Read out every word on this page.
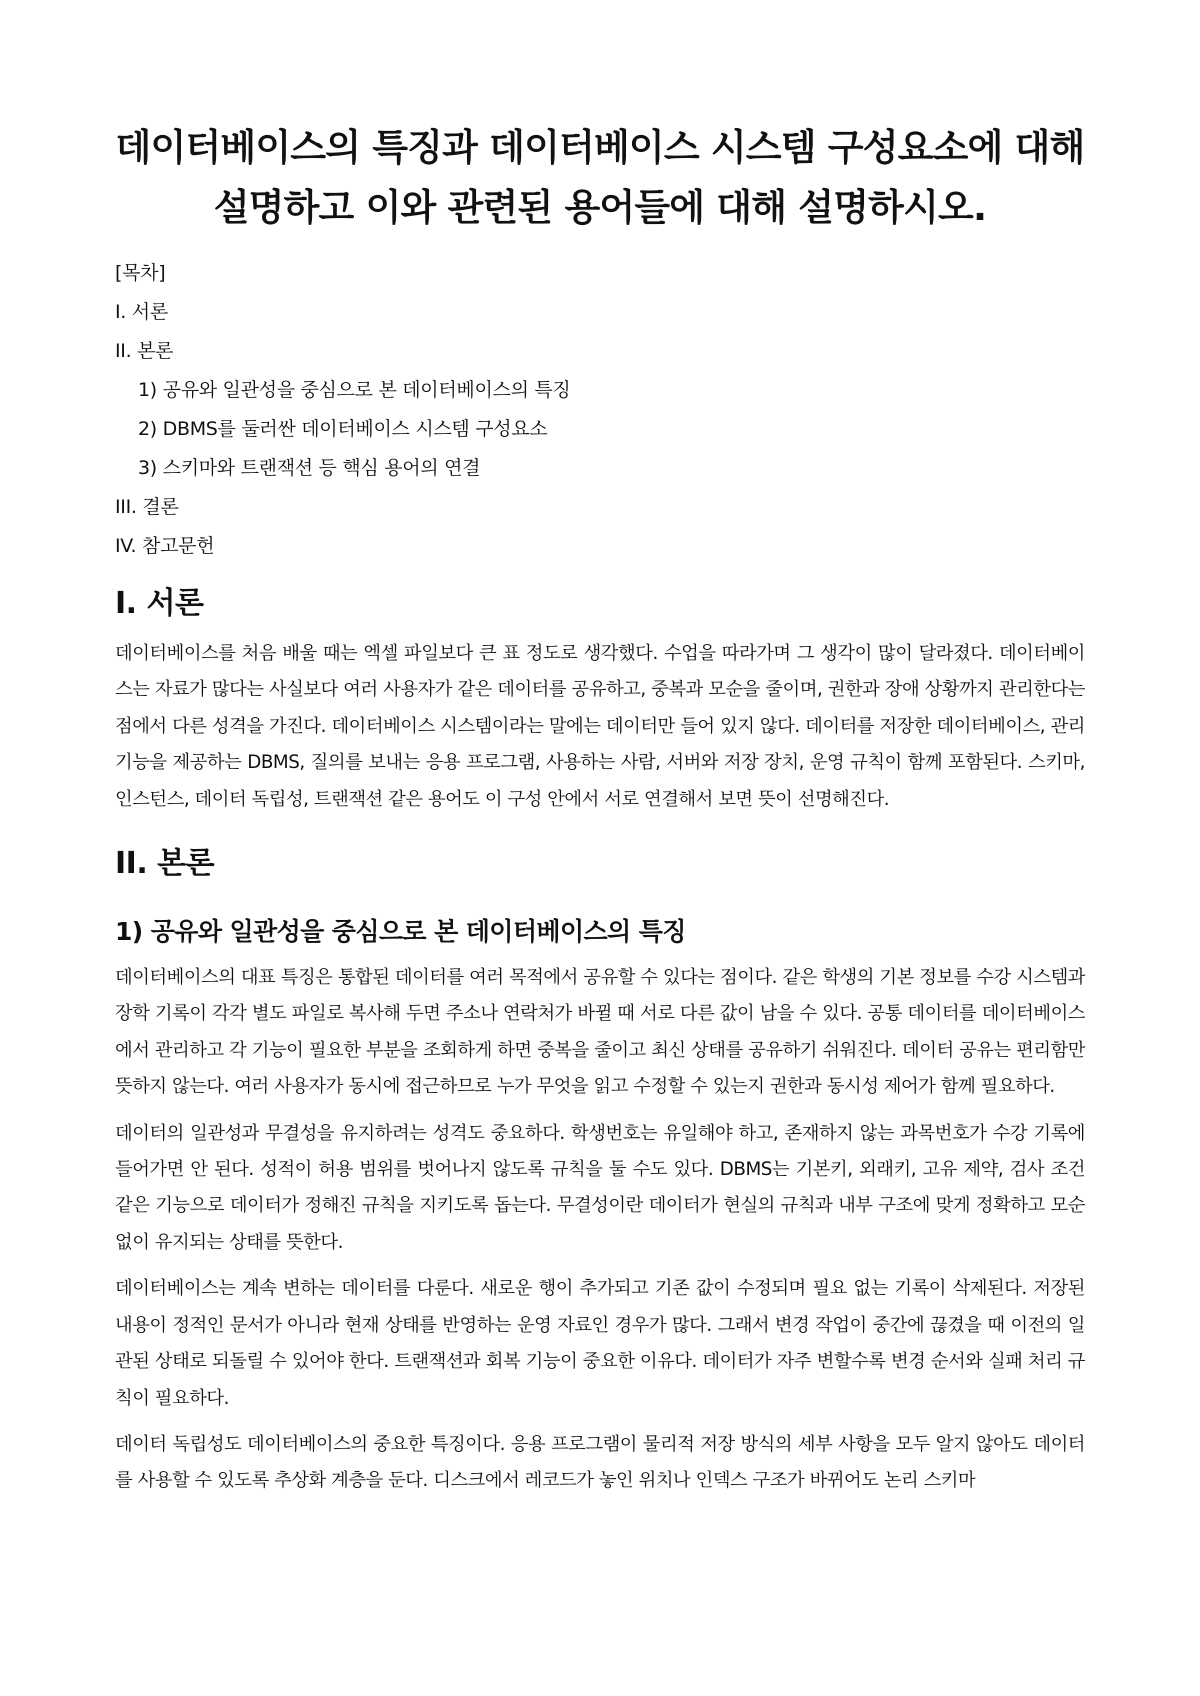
데이터베이스의 특징과 데이터베이스 시스템 구성요소에 대해 설명하고 이와 관련된 용어들에 대해 설명하시오.
[목차]
I. 서론
II. 본론
1) 공유와 일관성을 중심으로 본 데이터베이스의 특징
2) DBMS를 둘러싼 데이터베이스 시스템 구성요소
3) 스키마와 트랜잭션 등 핵심 용어의 연결
III. 결론
IV. 참고문헌
I. 서론

데이터베이스를 처음 배울 때는 엑셀 파일보다 큰 표 정도로 생각했다. 수업을 따라가며 그 생각이 많이 달라졌다. 데이터베이스는 자료가 많다는 사실보다 여러 사용자가 같은 데이터를 공유하고, 중복과 모순을 줄이며, 권한과 장애 상황까지 관리한다는 점에서 다른 성격을 가진다. 데이터베이스 시스템이라는 말에는 데이터만 들어 있지 않다. 데이터를 저장한 데이터베이스, 관리 기능을 제공하는 DBMS, 질의를 보내는 응용 프로그램, 사용하는 사람, 서버와 저장 장치, 운영 규칙이 함께 포함된다. 스키마, 인스턴스, 데이터 독립성, 트랜잭션 같은 용어도 이 구성 안에서 서로 연결해서 보면 뜻이 선명해진다.

II. 본론
1) 공유와 일관성을 중심으로 본 데이터베이스의 특징

데이터베이스의 대표 특징은 통합된 데이터를 여러 목적에서 공유할 수 있다는 점이다. 같은 학생의 기본 정보를 수강 시스템과 장학 기록이 각각 별도 파일로 복사해 두면 주소나 연락처가 바뀔 때 서로 다른 값이 남을 수 있다. 공통 데이터를 데이터베이스에서 관리하고 각 기능이 필요한 부분을 조회하게 하면 중복을 줄이고 최신 상태를 공유하기 쉬워진다. 데이터 공유는 편리함만 뜻하지 않는다. 여러 사용자가 동시에 접근하므로 누가 무엇을 읽고 수정할 수 있는지 권한과 동시성 제어가 함께 필요하다.

데이터의 일관성과 무결성을 유지하려는 성격도 중요하다. 학생번호는 유일해야 하고, 존재하지 않는 과목번호가 수강 기록에 들어가면 안 된다. 성적이 허용 범위를 벗어나지 않도록 규칙을 둘 수도 있다. DBMS는 기본키, 외래키, 고유 제약, 검사 조건 같은 기능으로 데이터가 정해진 규칙을 지키도록 돕는다. 무결성이란 데이터가 현실의 규칙과 내부 구조에 맞게 정확하고 모순 없이 유지되는 상태를 뜻한다.

데이터베이스는 계속 변하는 데이터를 다룬다. 새로운 행이 추가되고 기존 값이 수정되며 필요 없는 기록이 삭제된다. 저장된 내용이 정적인 문서가 아니라 현재 상태를 반영하는 운영 자료인 경우가 많다. 그래서 변경 작업이 중간에 끊겼을 때 이전의 일관된 상태로 되돌릴 수 있어야 한다. 트랜잭션과 회복 기능이 중요한 이유다. 데이터가 자주 변할수록 변경 순서와 실패 처리 규칙이 필요하다.

데이터 독립성도 데이터베이스의 중요한 특징이다. 응용 프로그램이 물리적 저장 방식의 세부 사항을 모두 알지 않아도 데이터를 사용할 수 있도록 추상화 계층을 둔다. 디스크에서 레코드가 놓인 위치나 인덱스 구조가 바뀌어도 논리 스키마
